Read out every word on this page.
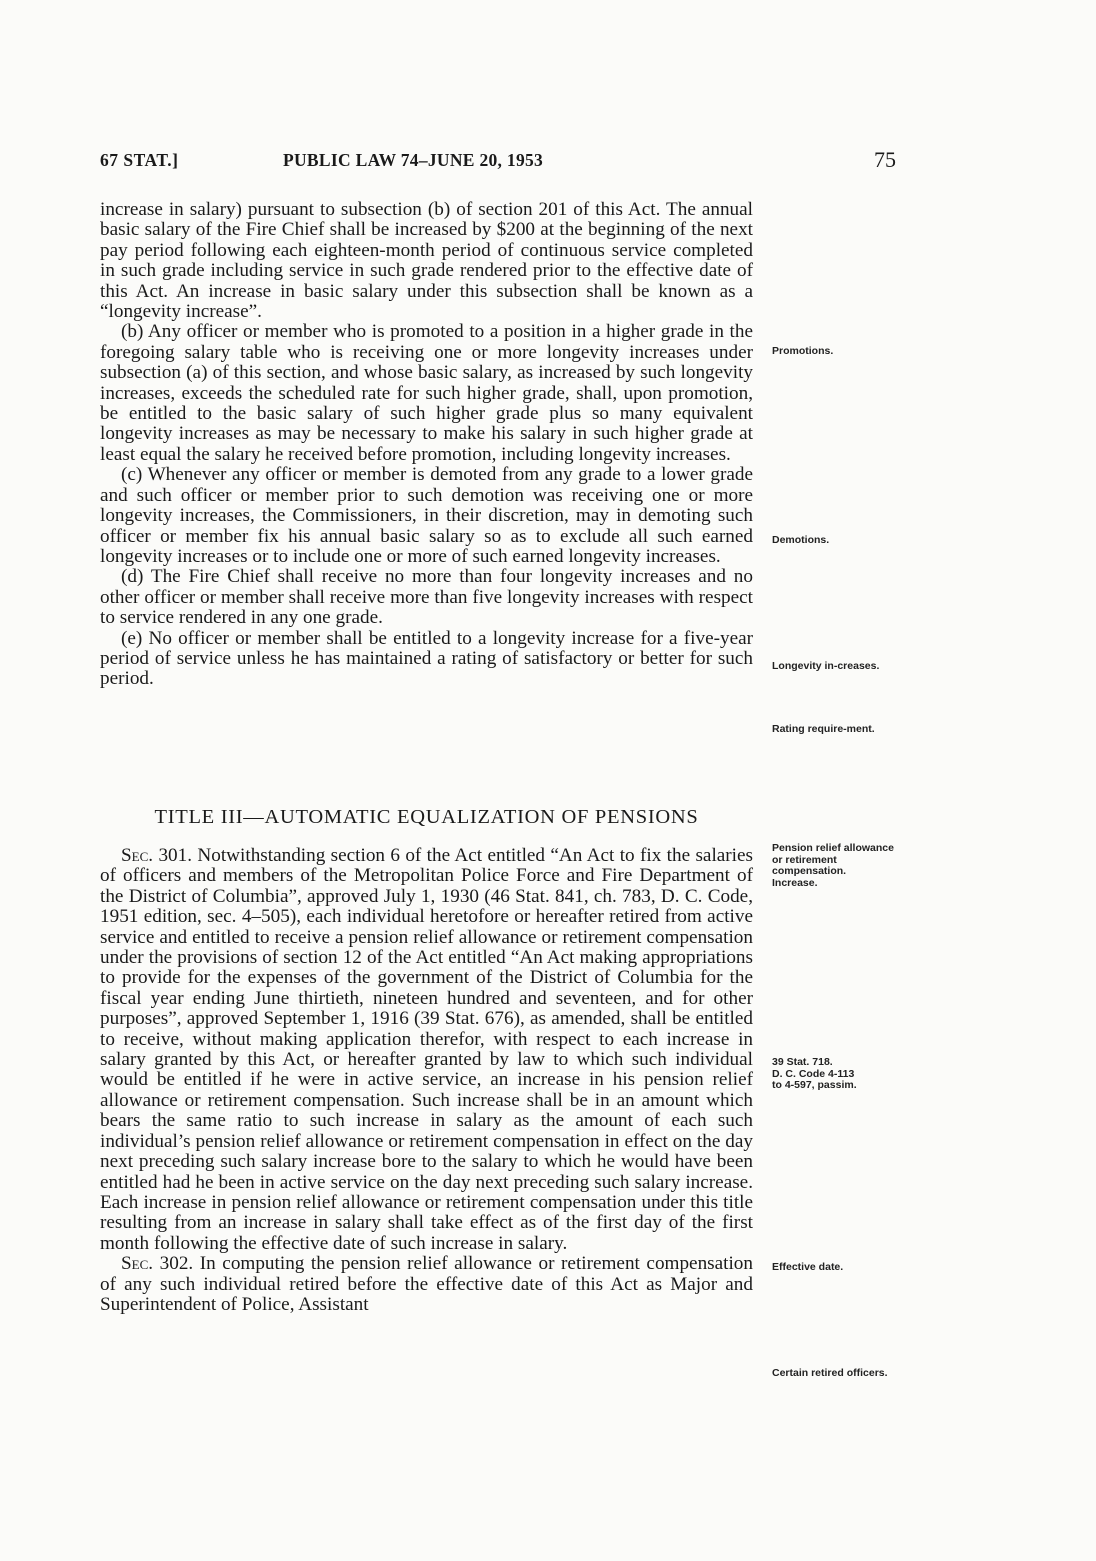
67 STAT.]	PUBLIC LAW 74–JUNE 20, 1953	75

increase in salary) pursuant to subsection (b) of section 201 of this Act. The annual basic salary of the Fire Chief shall be increased by $200 at the beginning of the next pay period following each eighteen-month period of continuous service completed in such grade including service in such grade rendered prior to the effective date of this Act. An increase in basic salary under this subsection shall be known as a “longevity increase”.

(b) Any officer or member who is promoted to a position in a higher grade in the foregoing salary table who is receiving one or more longevity increases under subsection (a) of this section, and whose basic salary, as increased by such longevity increases, exceeds the scheduled rate for such higher grade, shall, upon promotion, be entitled to the basic salary of such higher grade plus so many equivalent longevity increases as may be necessary to make his salary in such higher grade at least equal the salary he received before promotion, including longevity increases.

(c) Whenever any officer or member is demoted from any grade to a lower grade and such officer or member prior to such demotion was receiving one or more longevity increases, the Commissioners, in their discretion, may in demoting such officer or member fix his annual basic salary so as to exclude all such earned longevity increases or to include one or more of such earned longevity increases.

(d) The Fire Chief shall receive no more than four longevity increases and no other officer or member shall receive more than five longevity increases with respect to service rendered in any one grade.

(e) No officer or member shall be entitled to a longevity increase for a five-year period of service unless he has maintained a rating of satisfactory or better for such period.

TITLE III—AUTOMATIC EQUALIZATION OF PENSIONS

Sec. 301. Notwithstanding section 6 of the Act entitled “An Act to fix the salaries of officers and members of the Metropolitan Police Force and Fire Department of the District of Columbia”, approved July 1, 1930 (46 Stat. 841, ch. 783, D. C. Code, 1951 edition, sec. 4–505), each individual heretofore or hereafter retired from active service and entitled to receive a pension relief allowance or retirement compensation under the provisions of section 12 of the Act entitled “An Act making appropriations to provide for the expenses of the government of the District of Columbia for the fiscal year ending June thirtieth, nineteen hundred and seventeen, and for other purposes”, approved September 1, 1916 (39 Stat. 676), as amended, shall be entitled to receive, without making application therefor, with respect to each increase in salary granted by this Act, or hereafter granted by law to which such individual would be entitled if he were in active service, an increase in his pension relief allowance or retirement compensation. Such increase shall be in an amount which bears the same ratio to such increase in salary as the amount of each such individual’s pension relief allowance or retirement compensation in effect on the day next preceding such salary increase bore to the salary to which he would have been entitled had he been in active service on the day next preceding such salary increase. Each increase in pension relief allowance or retirement compensation under this title resulting from an increase in salary shall take effect as of the first day of the first month following the effective date of such increase in salary.

Sec. 302. In computing the pension relief allowance or retirement compensation of any such individual retired before the effective date of this Act as Major and Superintendent of Police, Assistant

Promotions.
Demotions.
Longevity in-creases.
Rating require-ment.
Pension relief allowance or retirement compensation.
Increase.
39 Stat. 718.
D. C. Code 4-113
to 4-597, passim.
Effective date.
Certain retired officers.
